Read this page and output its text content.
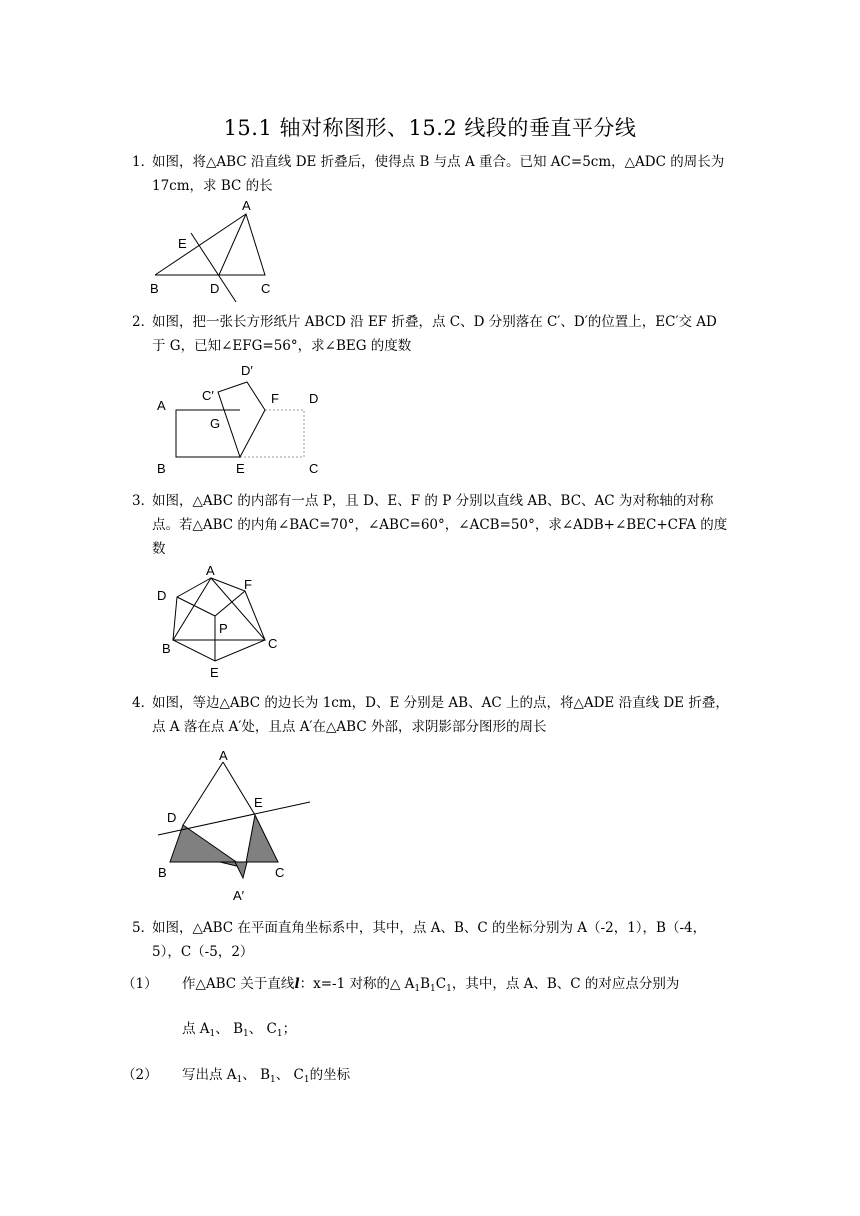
15.1 轴对称图形、15.2 线段的垂直平分线
1．
如图，将△ABC 沿直线 DE 折叠后，使得点 B 与点 A 重合。已知 AC=5cm，△ADC 的周长为 17cm，求 BC 的长
A
E
B	D	C
2．
如图，把一张长方形纸片 ABCD 沿 EF 折叠，点 C、D 分别落在 C′、D′的位置上，EC′交 AD 于 G，已知∠EFG=56°，求∠BEG 的度数
D′
C′
A	F D
G
B	E	C
3．
如图，△ABC 的内部有一点 P，且 D、E、F 的 P 分别以直线 AB、BC、AC 为对称轴的对称点。若△ABC 的内角∠BAC=70°，∠ABC=60°，∠ACB=50°，求∠ADB+∠BEC+CFA 的度数
A
F
D
P
C
B
E
4．
如图，等边△ABC 的边长为 1cm，D、E 分别是 AB、AC 上的点，将△ADE 沿直线 DE 折叠，点 A 落在点 A′处，且点 A′在△ABC 外部，求阴影部分图形的周长
A
E
D
B	C
A′
5．
如图，△ABC 在平面直角坐标系中，其中，点 A、B、C 的坐标分别为 A（-2，1），B（-4，5），C（-5，2）
（1） 作△ABC 关于直线l：x=-1 对称的△ $A_1B_1C_1$，其中，点 A、B、C 的对应点分别为
点 $A_1$、 $B_1$、 $C_1$；
（2） 写出点 $A_1$、 $B_1$、 $C_1$的坐标
